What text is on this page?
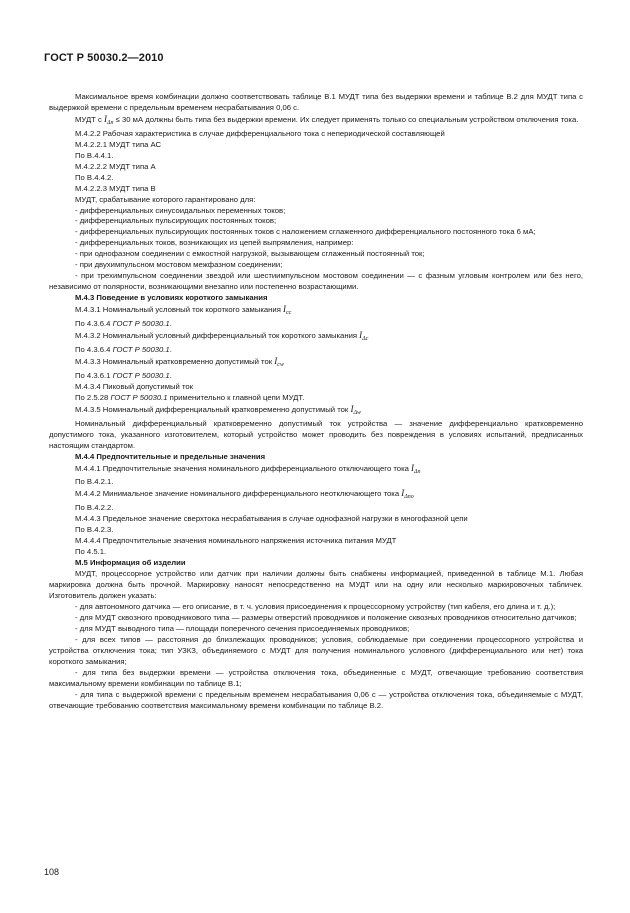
ГОСТ Р 50030.2—2010

Максимальное время комбинации должно соответствовать таблице В.1 МУДТ типа без выдержки времени и таблице В.2 для МУДТ типа с выдержкой времени с предельным временем несрабатывания 0,06 с.

МУДТ с $I_{\Delta n} \le 30$ мА должны быть типа без выдержки времени. Их следует применять только со специальным устройством отключения тока.

М.4.2.2 Рабочая характеристика в случае дифференциального тока с непериодической составляющей

М.4.2.2.1 МУДТ типа АС

По В.4.4.1.

М.4.2.2.2 МУДТ типа А

По В.4.4.2.

М.4.2.2.3 МУДТ типа В

МУДТ, срабатывание которого гарантировано для:

- дифференциальных синусоидальных переменных токов;

- дифференциальных пульсирующих постоянных токов;

- дифференциальных пульсирующих постоянных токов с наложением сглаженного дифференциального постоянного тока 6 мА;

- дифференциальных токов, возникающих из цепей выпрямления, например:

- при однофазном соединении с емкостной нагрузкой, вызывающем сглаженный постоянный ток;

- при двухимпульсном мостовом межфазном соединении;

- при трехимпульсном соединении звездой или шестиимпульсном мостовом соединении — с фазным угловым контролем или без него, независимо от полярности, возникающими внезапно или постепенно возрастающими.

М.4.3 Поведение в условиях короткого замыкания

М.4.3.1 Номинальный условный ток короткого замыкания $I_{cc}$

По 4.3.6.4 ГОСТ Р 50030.1.

М.4.3.2 Номинальный условный дифференциальный ток короткого замыкания $I_{\Delta c}$

По 4.3.6.4 ГОСТ Р 50030.1.

М.4.3.3 Номинальный кратковременно допустимый ток $I_{cw}$

По 4.3.6.1 ГОСТ Р 50030.1.

М.4.3.4 Пиковый допустимый ток

По 2.5.28 ГОСТ Р 50030.1 применительно к главной цепи МУДТ.

М.4.3.5 Номинальный дифференциальный кратковременно допустимый ток $I_{\Delta w}$

Номинальный дифференциальный кратковременно допустимый ток устройства — значение дифференциально кратковременно допустимого тока, указанного изготовителем, который устройство может проводить без повреждения в условиях испытаний, предписанных настоящим стандартом.

М.4.4 Предпочтительные и предельные значения

М.4.4.1 Предпочтительные значения номинального дифференциального отключающего тока $I_{\Delta n}$

По В.4.2.1.

М.4.4.2 Минимальное значение номинального дифференциального неотключающего тока $I_{\Delta no}$

По В.4.2.2.

М.4.4.3 Предельное значение сверхтока несрабатывания в случае однофазной нагрузки в многофазной цепи

По В.4.2.3.

М.4.4.4 Предпочтительные значения номинального напряжения источника питания МУДТ

По 4.5.1.

М.5 Информация об изделии

МУДТ, процессорное устройство или датчик при наличии должны быть снабжены информацией, приведенной в таблице М.1. Любая маркировка должна быть прочной. Маркировку наносят непосредственно на МУДТ или на одну или несколько маркировочных табличек. Изготовитель должен указать:

- для автономного датчика — его описание, в т. ч. условия присоединения к процессорному устройству (тип кабеля, его длина и т. д.);

- для МУДТ сквозного проводникового типа — размеры отверстий проводников и положение сквозных проводников относительно датчиков;

- для МУДТ выводного типа — площади поперечного сечения присоединяемых проводников;

- для всех типов — расстояния до близлежащих проводников; условия, соблюдаемые при соединении процессорного устройства и устройства отключения тока; тип УЗКЗ, объединяемого с МУДТ для получения номинального условного (дифференциального или нет) тока короткого замыкания;

- для типа без выдержки времени — устройства отключения тока, объединенные с МУДТ, отвечающие требованию соответствия максимальному времени комбинации по таблице В.1;

- для типа с выдержкой времени с предельным временем несрабатывания 0,06 с — устройства отключения тока, объединяемые с МУДТ, отвечающие требованию соответствия максимальному времени комбинации по таблице В.2.

108
